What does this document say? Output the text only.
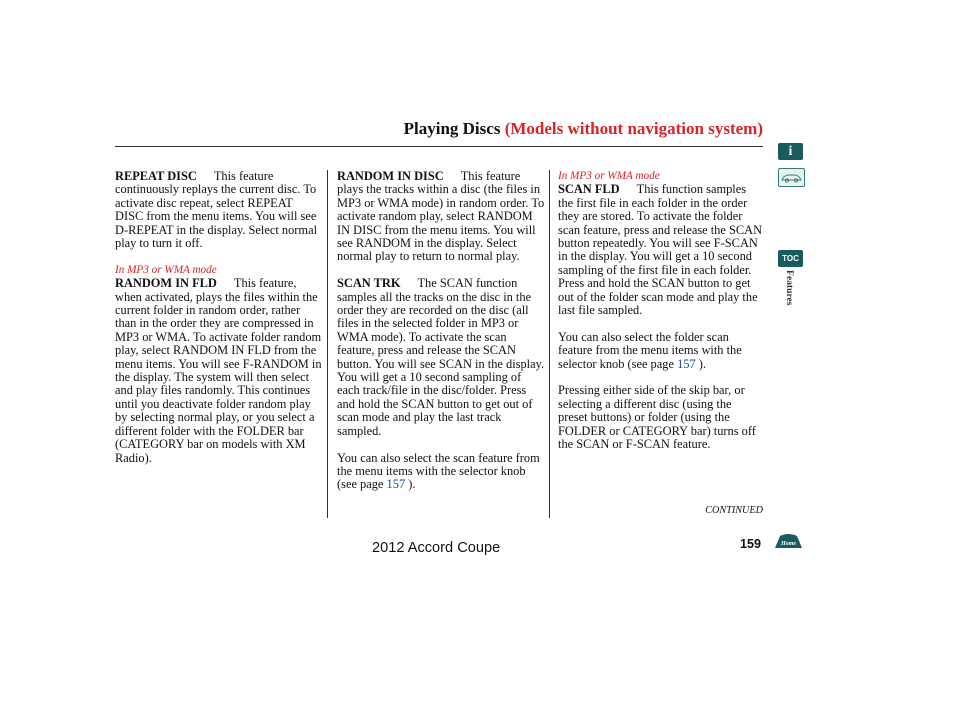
Playing Discs (Models without navigation system)

REPEAT DISC This feature continuously replays the current disc. To activate disc repeat, select REPEAT DISC from the menu items. You will see D-REPEAT in the display. Select normal play to turn it off.

In MP3 or WMA mode

RANDOM IN FLD This feature, when activated, plays the files within the current folder in random order, rather than in the order they are compressed in MP3 or WMA. To activate folder random play, select RANDOM IN FLD from the menu items. You will see F-RANDOM in the display. The system will then select and play files randomly. This continues until you deactivate folder random play by selecting normal play, or you select a different folder with the FOLDER bar (CATEGORY bar on models with XM Radio).

RANDOM IN DISC This feature plays the tracks within a disc (the files in MP3 or WMA mode) in random order. To activate random play, select RANDOM IN DISC from the menu items. You will see RANDOM in the display. Select normal play to return to normal play.

SCAN TRK The SCAN function samples all the tracks on the disc in the order they are recorded on the disc (all files in the selected folder in MP3 or WMA mode). To activate the scan feature, press and release the SCAN button. You will see SCAN in the display. You will get a 10 second sampling of each track/file in the disc/folder. Press and hold the SCAN button to get out of scan mode and play the last track sampled.

You can also select the scan feature from the menu items with the selector knob (see page 157 ).

In MP3 or WMA mode

SCAN FLD This function samples the first file in each folder in the order they are stored. To activate the folder scan feature, press and release the SCAN button repeatedly. You will see F-SCAN in the display. You will get a 10 second sampling of the first file in each folder. Press and hold the SCAN button to get out of the folder scan mode and play the last file sampled.

You can also select the folder scan feature from the menu items with the selector knob (see page 157 ).

Pressing either side of the skip bar, or selecting a different disc (using the preset buttons) or folder (using the FOLDER or CATEGORY bar) turns off the SCAN or F-SCAN feature.

CONTINUED
2012 Accord Coupe	159
i
TOC
Features
Home
